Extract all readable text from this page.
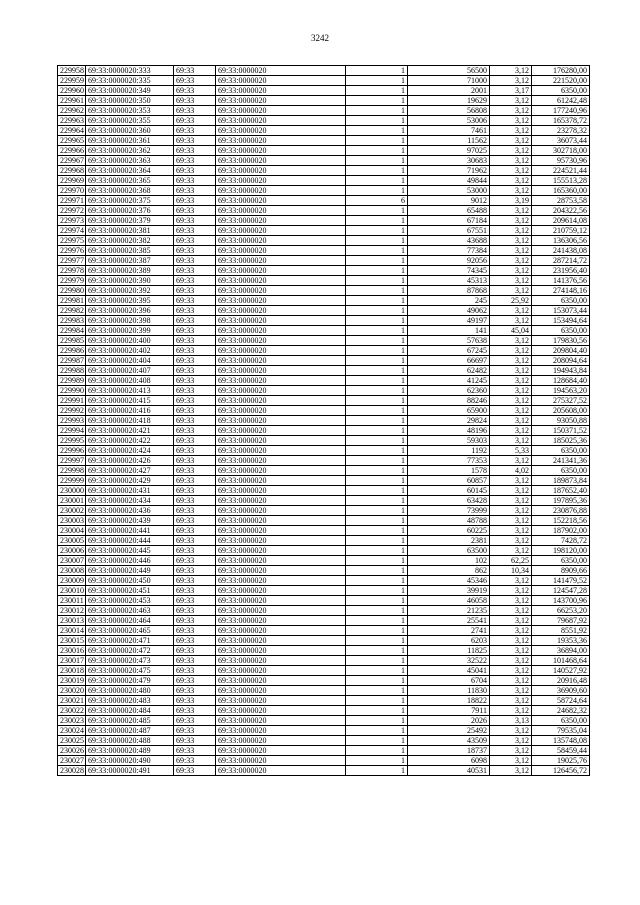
3242
229958	69:33:0000020:333	69:33	69:33:0000020	1	56500	3,12	176280,00
229959	69:33:0000020:335	69:33	69:33:0000020	1	71000	3,12	221520,00
229960	69:33:0000020:349	69:33	69:33:0000020	1	2001	3,17	6350,00
229961	69:33:0000020:350	69:33	69:33:0000020	1	19629	3,12	61242,48
229962	69:33:0000020:353	69:33	69:33:0000020	1	56808	3,12	177240,96
229963	69:33:0000020:355	69:33	69:33:0000020	1	53006	3,12	165378,72
229964	69:33:0000020:360	69:33	69:33:0000020	1	7461	3,12	23278,32
229965	69:33:0000020:361	69:33	69:33:0000020	1	11562	3,12	36073,44
229966	69:33:0000020:362	69:33	69:33:0000020	1	97025	3,12	302718,00
229967	69:33:0000020:363	69:33	69:33:0000020	1	30683	3,12	95730,96
229968	69:33:0000020:364	69:33	69:33:0000020	1	71962	3,12	224521,44
229969	69:33:0000020:365	69:33	69:33:0000020	1	49844	3,12	155513,28
229970	69:33:0000020:368	69:33	69:33:0000020	1	53000	3,12	165360,00
229971	69:33:0000020:375	69:33	69:33:0000020	6	9012	3,19	28753,58
229972	69:33:0000020:376	69:33	69:33:0000020	1	65488	3,12	204322,56
229973	69:33:0000020:379	69:33	69:33:0000020	1	67184	3,12	209614,08
229974	69:33:0000020:381	69:33	69:33:0000020	1	67551	3,12	210759,12
229975	69:33:0000020:382	69:33	69:33:0000020	1	43688	3,12	136306,56
229976	69:33:0000020:385	69:33	69:33:0000020	1	77384	3,12	241438,08
229977	69:33:0000020:387	69:33	69:33:0000020	1	92056	3,12	287214,72
229978	69:33:0000020:389	69:33	69:33:0000020	1	74345	3,12	231956,40
229979	69:33:0000020:390	69:33	69:33:0000020	1	45313	3,12	141376,56
229980	69:33:0000020:392	69:33	69:33:0000020	1	87868	3,12	274148,16
229981	69:33:0000020:395	69:33	69:33:0000020	1	245	25,92	6350,00
229982	69:33:0000020:396	69:33	69:33:0000020	1	49062	3,12	153073,44
229983	69:33:0000020:398	69:33	69:33:0000020	1	49197	3,12	153494,64
229984	69:33:0000020:399	69:33	69:33:0000020	1	141	45,04	6350,00
229985	69:33:0000020:400	69:33	69:33:0000020	1	57638	3,12	179830,56
229986	69:33:0000020:402	69:33	69:33:0000020	1	67245	3,12	209804,40
229987	69:33:0000020:404	69:33	69:33:0000020	1	66697	3,12	208094,64
229988	69:33:0000020:407	69:33	69:33:0000020	1	62482	3,12	194943,84
229989	69:33:0000020:408	69:33	69:33:0000020	1	41245	3,12	128684,40
229990	69:33:0000020:413	69:33	69:33:0000020	1	62360	3,12	194563,20
229991	69:33:0000020:415	69:33	69:33:0000020	1	88246	3,12	275327,52
229992	69:33:0000020:416	69:33	69:33:0000020	1	65900	3,12	205608,00
229993	69:33:0000020:418	69:33	69:33:0000020	1	29824	3,12	93050,88
229994	69:33:0000020:421	69:33	69:33:0000020	1	48196	3,12	150371,52
229995	69:33:0000020:422	69:33	69:33:0000020	1	59303	3,12	185025,36
229996	69:33:0000020:424	69:33	69:33:0000020	1	1192	5,33	6350,00
229997	69:33:0000020:426	69:33	69:33:0000020	1	77353	3,12	241341,36
229998	69:33:0000020:427	69:33	69:33:0000020	1	1578	4,02	6350,00
229999	69:33:0000020:429	69:33	69:33:0000020	1	60857	3,12	189873,84
230000	69:33:0000020:431	69:33	69:33:0000020	1	60145	3,12	187652,40
230001	69:33:0000020:434	69:33	69:33:0000020	1	63428	3,12	197895,36
230002	69:33:0000020:436	69:33	69:33:0000020	1	73999	3,12	230876,88
230003	69:33:0000020:439	69:33	69:33:0000020	1	48788	3,12	152218,56
230004	69:33:0000020:441	69:33	69:33:0000020	1	60225	3,12	187902,00
230005	69:33:0000020:444	69:33	69:33:0000020	1	2381	3,12	7428,72
230006	69:33:0000020:445	69:33	69:33:0000020	1	63500	3,12	198120,00
230007	69:33:0000020:446	69:33	69:33:0000020	1	102	62,25	6350,00
230008	69:33:0000020:449	69:33	69:33:0000020	1	862	10,34	8909,66
230009	69:33:0000020:450	69:33	69:33:0000020	1	45346	3,12	141479,52
230010	69:33:0000020:451	69:33	69:33:0000020	1	39919	3,12	124547,28
230011	69:33:0000020:453	69:33	69:33:0000020	1	46058	3,12	143700,96
230012	69:33:0000020:463	69:33	69:33:0000020	1	21235	3,12	66253,20
230013	69:33:0000020:464	69:33	69:33:0000020	1	25541	3,12	79687,92
230014	69:33:0000020:465	69:33	69:33:0000020	1	2741	3,12	8551,92
230015	69:33:0000020:471	69:33	69:33:0000020	1	6203	3,12	19353,36
230016	69:33:0000020:472	69:33	69:33:0000020	1	11825	3,12	36894,00
230017	69:33:0000020:473	69:33	69:33:0000020	1	32522	3,12	101468,64
230018	69:33:0000020:475	69:33	69:33:0000020	1	45041	3,12	140527,92
230019	69:33:0000020:479	69:33	69:33:0000020	1	6704	3,12	20916,48
230020	69:33:0000020:480	69:33	69:33:0000020	1	11830	3,12	36909,60
230021	69:33:0000020:483	69:33	69:33:0000020	1	18822	3,12	58724,64
230022	69:33:0000020:484	69:33	69:33:0000020	1	7911	3,12	24682,32
230023	69:33:0000020:485	69:33	69:33:0000020	1	2026	3,13	6350,00
230024	69:33:0000020:487	69:33	69:33:0000020	1	25492	3,12	79535,04
230025	69:33:0000020:488	69:33	69:33:0000020	1	43509	3,12	135748,08
230026	69:33:0000020:489	69:33	69:33:0000020	1	18737	3,12	58459,44
230027	69:33:0000020:490	69:33	69:33:0000020	1	6098	3,12	19025,76
230028	69:33:0000020:491	69:33	69:33:0000020	1	40531	3,12	126456,72
